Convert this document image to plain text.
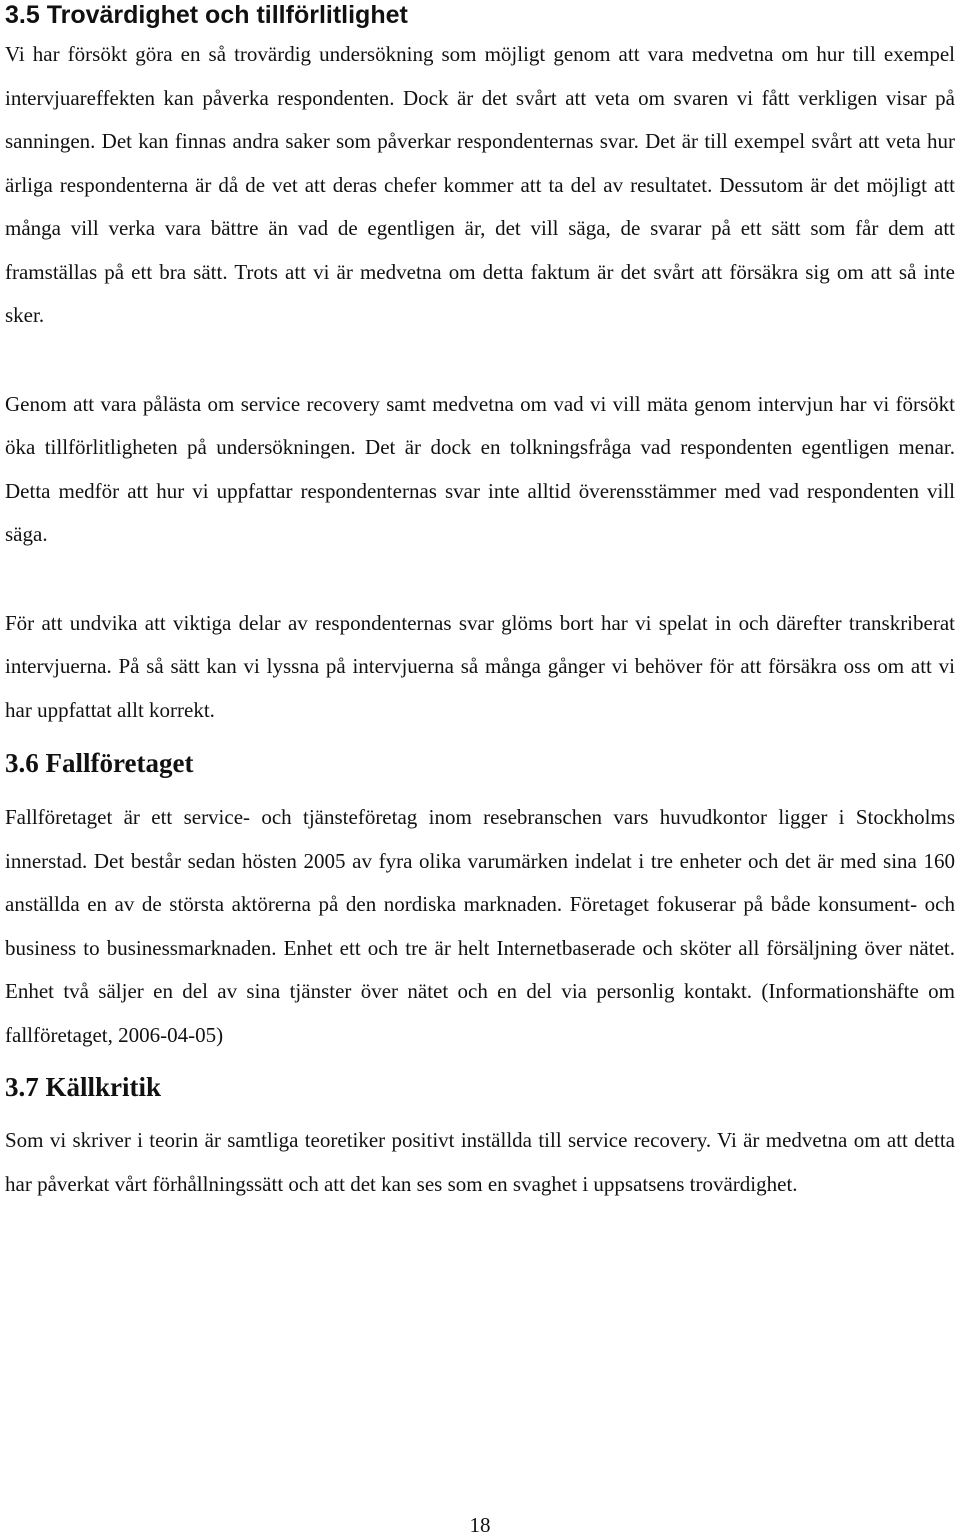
3.5 Trovärdighet och tillförlitlighet

Vi har försökt göra en så trovärdig undersökning som möjligt genom att vara medvetna om hur till exempel intervjuareffekten kan påverka respondenten. Dock är det svårt att veta om svaren vi fått verkligen visar på sanningen. Det kan finnas andra saker som påverkar respondenternas svar. Det är till exempel svårt att veta hur ärliga respondenterna är då de vet att deras chefer kommer att ta del av resultatet. Dessutom är det möjligt att många vill verka vara bättre än vad de egentligen är, det vill säga, de svarar på ett sätt som får dem att framställas på ett bra sätt. Trots att vi är medvetna om detta faktum är det svårt att försäkra sig om att så inte sker.

Genom att vara pålästa om service recovery samt medvetna om vad vi vill mäta genom intervjun har vi försökt öka tillförlitligheten på undersökningen. Det är dock en tolkningsfråga vad respondenten egentligen menar. Detta medför att hur vi uppfattar respondenternas svar inte alltid överensstämmer med vad respondenten vill säga.

För att undvika att viktiga delar av respondenternas svar glöms bort har vi spelat in och därefter transkriberat intervjuerna. På så sätt kan vi lyssna på intervjuerna så många gånger vi behöver för att försäkra oss om att vi har uppfattat allt korrekt.

3.6 Fallföretaget

Fallföretaget är ett service- och tjänsteföretag inom resebranschen vars huvudkontor ligger i Stockholms innerstad. Det består sedan hösten 2005 av fyra olika varumärken indelat i tre enheter och det är med sina 160 anställda en av de största aktörerna på den nordiska marknaden. Företaget fokuserar på både konsument- och business to businessmarknaden. Enhet ett och tre är helt Internetbaserade och sköter all försäljning över nätet. Enhet två säljer en del av sina tjänster över nätet och en del via personlig kontakt. (Informationshäfte om fallföretaget, 2006-04-05)

3.7 Källkritik

Som vi skriver i teorin är samtliga teoretiker positivt inställda till service recovery. Vi är medvetna om att detta har påverkat vårt förhållningssätt och att det kan ses som en svaghet i uppsatsens trovärdighet.

18
